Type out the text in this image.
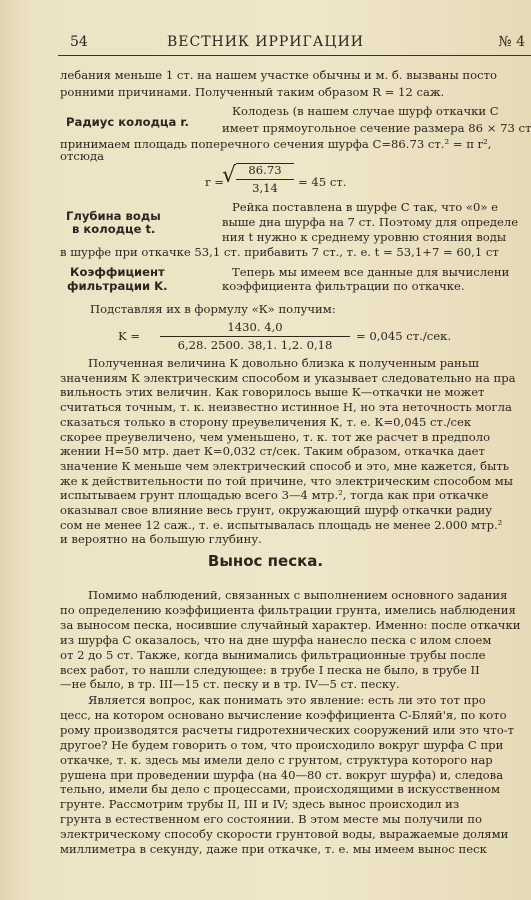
54	ВЕСТНИК ИРРИГАЦИИ	№ 4
лебания меньше 1 ст. на нашем участке обычны и м. б. вызваны посто
ронними причинами. Полученный таким образом R = 12 саж.
Радиус колодца r.
Колодезь (в нашем случае шурф откачки С
имеет прямоугольное сечение размера 86 × 73 ст
принимаем площадь поперечного сечения шурфа C=86.73 ст.² = π r²,
отсюда
r =
√	86.73
3,14	= 45 ст.
Глубина воды
в колодце t.
Рейка поставлена в шурфе С так, что «0» е
выше дна шурфа на 7 ст. Поэтому для определе
ния t нужно к среднему уровню стояния воды
в шурфе при откачке 53,1 ст. прибавить 7 ст., т. е. t = 53,1+7 = 60,1 ст
Коэффициент
фильтрации K.
Теперь мы имеем все данные для вычислени
коэффициента фильтрации по откачке.
Подставляя их в формулу «К» получим:
K =
1430. 4,0
6,28. 2500. 38,1. 1,2. 0,18
= 0,045 ст./сек.
Полученная величина К довольно близка к полученным раньш
значениям К электрическим способом и указывает следовательно на пра
вильность этих величин. Как говорилось выше К—откачки не может
считаться точным, т. к. неизвестно истинное Н, но эта неточность могла
сказаться только в сторону преувеличения К, т. е. К=0,045 ст./сек
скорее преувеличено, чем уменьшено, т. к. тот же расчет в предполо
жении Н=50 мтр. дает К=0,032 ст/сек. Таким образом, откачка дает
значение К меньше чем электрический способ и это, мне кажется, быть
же к действительности по той причине, что электрическим способом мы
испытываем грунт площадью всего 3—4 мтр.², тогда как при откачке
оказывал свое влияние весь грунт, окружающий шурф откачки радиу
сом не менее 12 саж., т. е. испытывалась площадь не менее 2.000 мтр.²
и вероятно на большую глубину.
Вынос песка.
Помимо наблюдений, связанных с выполнением основного задания
по определению коэффициента фильтрации грунта, имелись наблюдения
за выносом песка, носившие случайный характер. Именно: после откачки
из шурфа С оказалось, что на дне шурфа нанесло песка с илом слоем
от 2 до 5 ст. Также, когда вынимались фильтрационные трубы после
всех работ, то нашли следующее: в трубе I песка не было, в трубе II
—не было, в тр. III—15 ст. песку и в тр. IV—5 ст. песку.
Является вопрос, как понимать это явление: есть ли это тот про
цесс, на котором основано вычисление коэффициента С-Бляй'я, по кото
рому производятся расчеты гидротехнических сооружений или это что-т
другое? Не будем говорить о том, что происходило вокруг шурфа С при
откачке, т. к. здесь мы имели дело с грунтом, структура которого нар
рушена при проведении шурфа (на 40—80 ст. вокруг шурфа) и, следова
тельно, имели бы дело с процессами, происходящими в искусственном
грунте. Рассмотрим трубы II, III и IV; здесь вынос происходил из
грунта в естественном его состоянии. В этом месте мы получили по
электрическому способу скорости грунтовой воды, выражаемые долями
миллиметра в секунду, даже при откачке, т. е. мы имеем вынос песк
